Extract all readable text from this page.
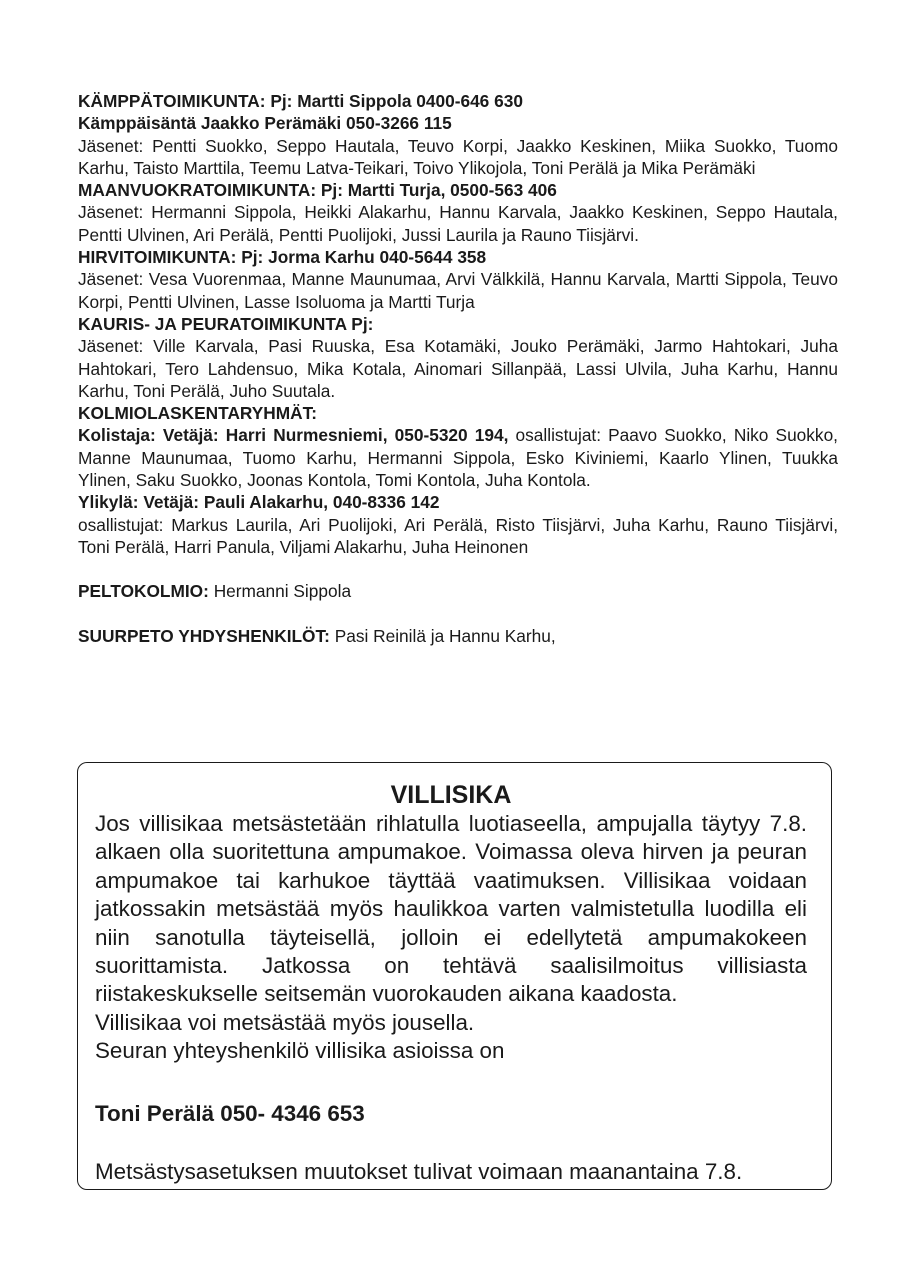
KÄMPPÄTOIMIKUNTA: Pj: Martti Sippola 0400-646 630

Kämppäisäntä Jaakko Perämäki 050-3266 115

Jäsenet: Pentti Suokko, Seppo Hautala, Teuvo Korpi, Jaakko Keskinen, Miika Suokko, Tuomo Karhu, Taisto Marttila, Teemu Latva-Teikari, Toivo Ylikojola, Toni Perälä ja Mika Perämäki

MAANVUOKRATOIMIKUNTA: Pj: Martti Turja, 0500-563 406

Jäsenet: Hermanni Sippola, Heikki Alakarhu, Hannu Karvala, Jaakko Keskinen, Seppo Hautala, Pentti Ulvinen, Ari Perälä, Pentti Puolijoki, Jussi Laurila ja Rauno Tiisjärvi.

HIRVITOIMIKUNTA: Pj: Jorma Karhu 040-5644 358

Jäsenet: Vesa Vuorenmaa, Manne Maunumaa, Arvi Välkkilä, Hannu Karvala, Martti Sippola, Teuvo Korpi, Pentti Ulvinen, Lasse Isoluoma ja Martti Turja

KAURIS- JA PEURATOIMIKUNTA Pj:

Jäsenet: Ville Karvala, Pasi Ruuska, Esa Kotamäki, Jouko Perämäki, Jarmo Hahtokari, Juha Hahtokari, Tero Lahdensuo, Mika Kotala, Ainomari Sillanpää, Lassi Ulvila, Juha Karhu, Hannu Karhu, Toni Perälä, Juho Suutala.

KOLMIOLASKENTARYHMÄT:

Kolistaja: Vetäjä: Harri Nurmesniemi, 050-5320 194, osallistujat: Paavo Suokko, Niko Suokko, Manne Maunumaa, Tuomo Karhu, Hermanni Sippola, Esko Kiviniemi, Kaarlo Ylinen, Tuukka Ylinen, Saku Suokko, Joonas Kontola, Tomi Kontola, Juha Kontola.

Ylikylä: Vetäjä: Pauli Alakarhu, 040-8336 142

osallistujat: Markus Laurila, Ari Puolijoki, Ari Perälä, Risto Tiisjärvi, Juha Karhu, Rauno Tiisjärvi, Toni Perälä, Harri Panula, Viljami Alakarhu, Juha Heinonen

PELTOKOLMIO: Hermanni Sippola

SUURPETO YHDYSHENKILÖT: Pasi Reinilä ja Hannu Karhu,

VILLISIKA

Jos villisikaa metsästetään rihlatulla luotiaseella, ampujalla täytyy 7.8. alkaen olla suoritettuna ampumakoe. Voimassa oleva hirven ja peuran ampumakoe tai karhukoe täyttää vaatimuksen. Villisikaa voidaan jatkossakin metsästää myös haulikkoa varten valmistetulla luodilla eli niin sanotulla täyteisellä, jolloin ei edellytetä ampumakokeen suorittamista. Jatkossa on tehtävä saalisilmoitus villisiasta riistakeskukselle seitsemän vuorokauden aikana kaadosta.

Villisikaa voi metsästää myös jousella.

Seuran yhteyshenkilö villisika asioissa on

Toni Perälä 050- 4346 653

Metsästysasetuksen muutokset tulivat voimaan maanantaina 7.8.
